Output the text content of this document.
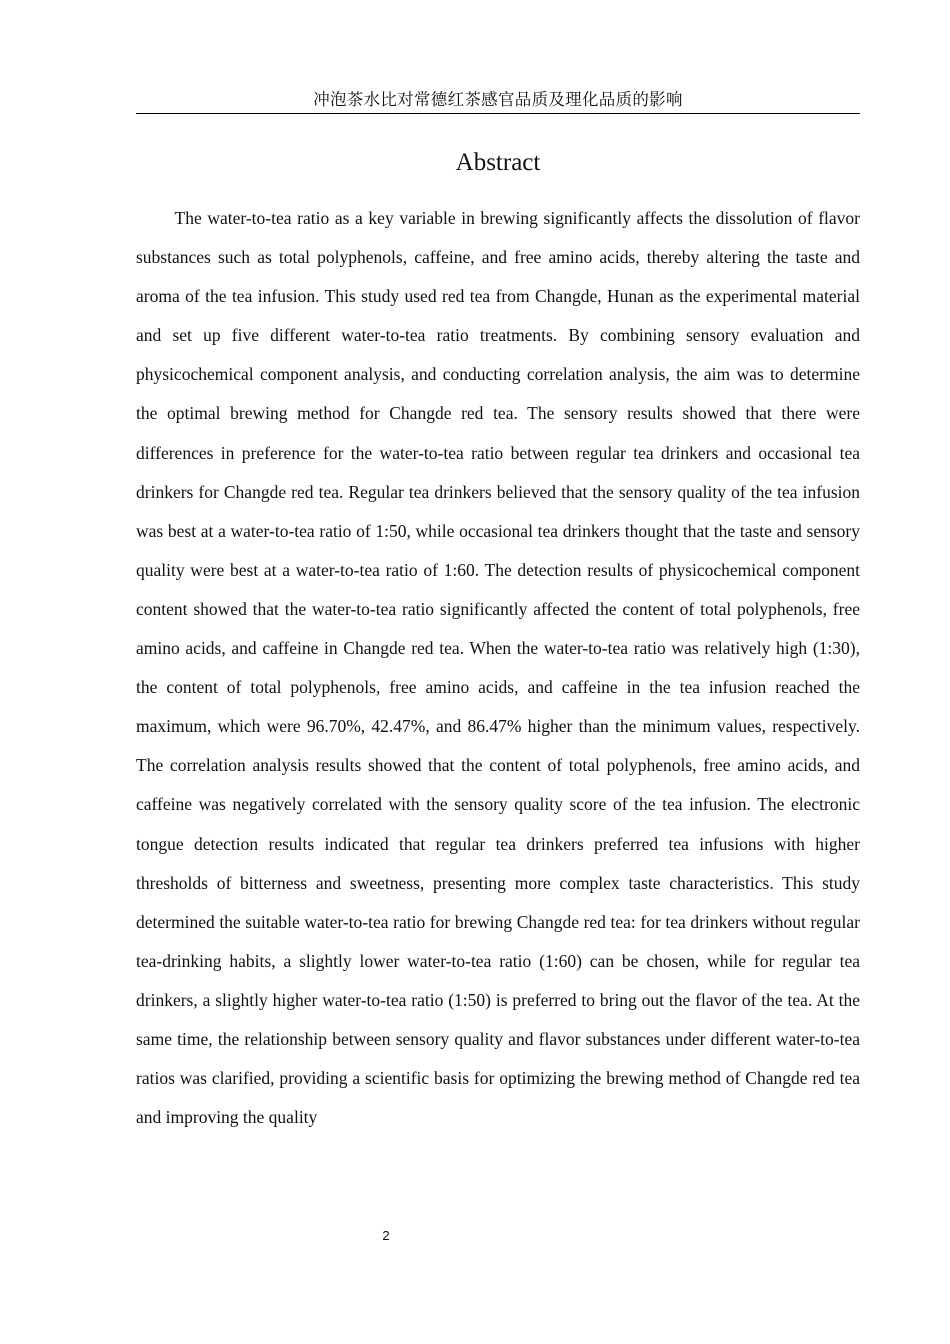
冲泡茶水比对常德红茶感官品质及理化品质的影响
Abstract

The water-to-tea ratio as a key variable in brewing significantly affects the dissolution of flavor substances such as total polyphenols, caffeine, and free amino acids, thereby altering the taste and aroma of the tea infusion. This study used red tea from Changde, Hunan as the experimental material and set up five different water-to-tea ratio treatments. By combining sensory evaluation and physicochemical component analysis, and conducting correlation analysis, the aim was to determine the optimal brewing method for Changde red tea. The sensory results showed that there were differences in preference for the water-to-tea ratio between regular tea drinkers and occasional tea drinkers for Changde red tea. Regular tea drinkers believed that the sensory quality of the tea infusion was best at a water-to-tea ratio of 1:50, while occasional tea drinkers thought that the taste and sensory quality were best at a water-to-tea ratio of 1:60. The detection results of physicochemical component content showed that the water-to-tea ratio significantly affected the content of total polyphenols, free amino acids, and caffeine in Changde red tea. When the water-to-tea ratio was relatively high (1:30), the content of total polyphenols, free amino acids, and caffeine in the tea infusion reached the maximum, which were 96.70%, 42.47%, and 86.47% higher than the minimum values, respectively. The correlation analysis results showed that the content of total polyphenols, free amino acids, and caffeine was negatively correlated with the sensory quality score of the tea infusion. The electronic tongue detection results indicated that regular tea drinkers preferred tea infusions with higher thresholds of bitterness and sweetness, presenting more complex taste characteristics. This study determined the suitable water-to-tea ratio for brewing Changde red tea: for tea drinkers without regular tea-drinking habits, a slightly lower water-to-tea ratio (1:60) can be chosen, while for regular tea drinkers, a slightly higher water-to-tea ratio (1:50) is preferred to bring out the flavor of the tea. At the same time, the relationship between sensory quality and flavor substances under different water-to-tea ratios was clarified, providing a scientific basis for optimizing the brewing method of Changde red tea and improving the quality

2
